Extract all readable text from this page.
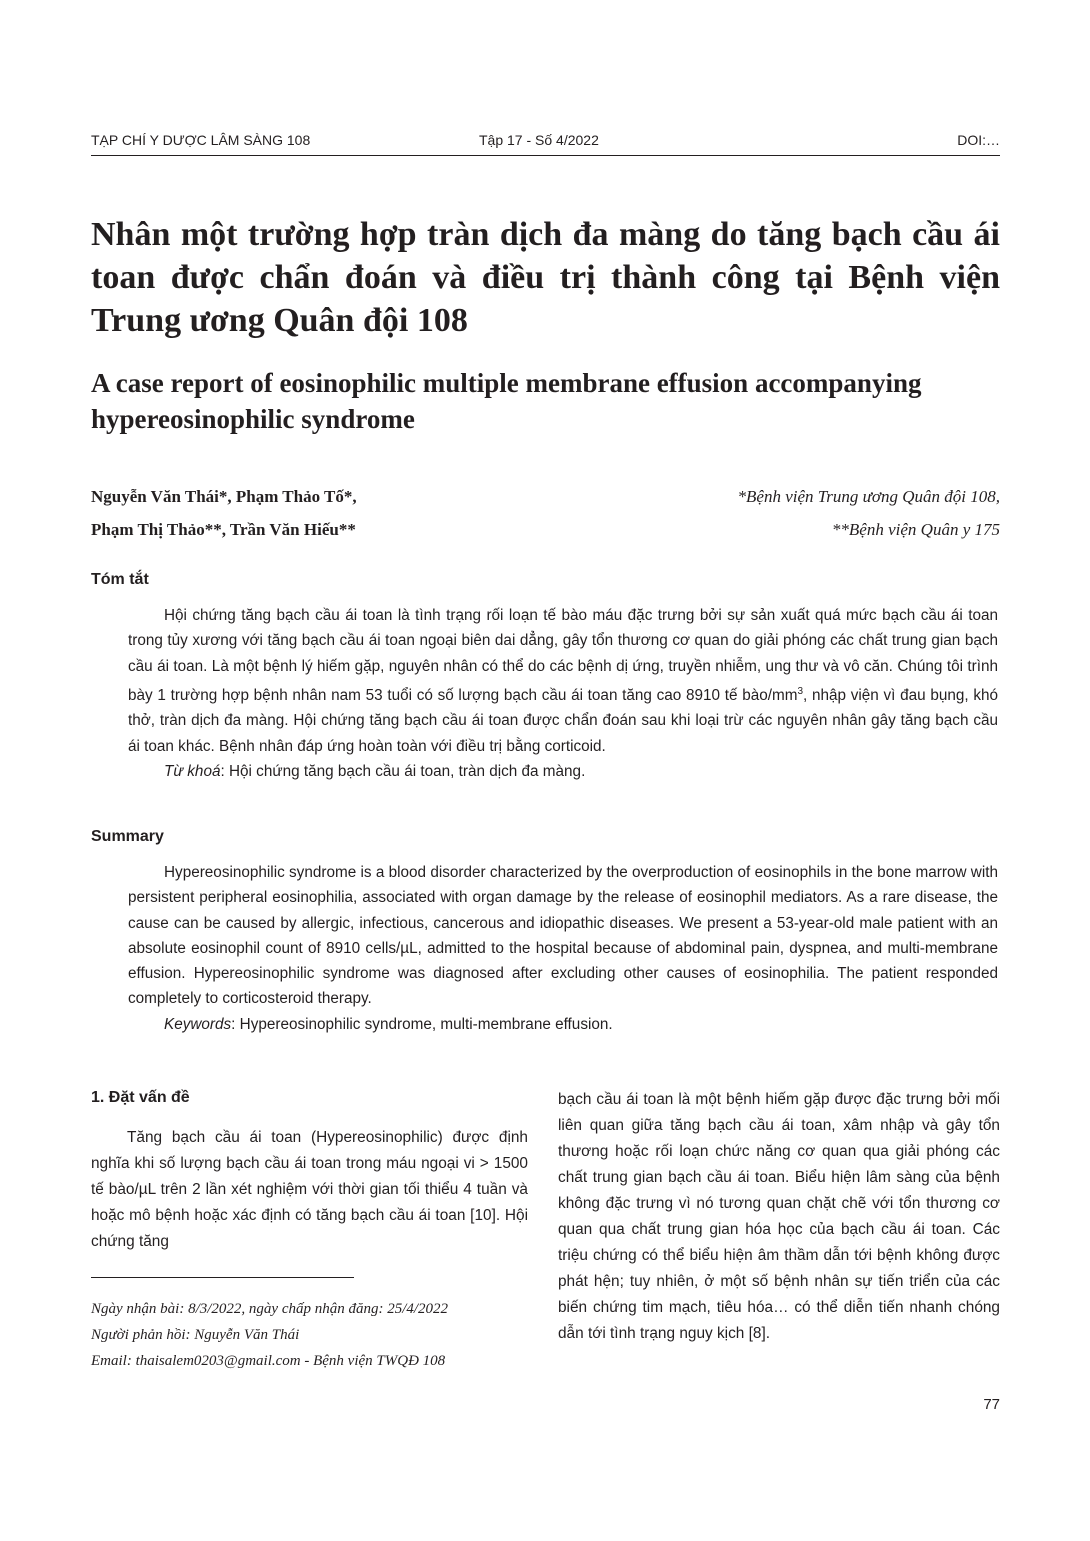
TẠP CHÍ Y DƯỢC LÂM SÀNG 108	Tập 17 - Số 4/2022	DOI:…
Nhân một trường hợp tràn dịch đa màng do tăng bạch cầu ái toan được chẩn đoán và điều trị thành công tại Bệnh viện Trung ương Quân đội 108
A case report of eosinophilic multiple membrane effusion accompanying hypereosinophilic syndrome
Nguyễn Văn Thái*, Phạm Thảo Tố*,
Phạm Thị Thảo**, Trần Văn Hiếu**
*Bệnh viện Trung ương Quân đội 108,
**Bệnh viện Quân y 175
Tóm tắt

Hội chứng tăng bạch cầu ái toan là tình trạng rối loạn tế bào máu đặc trưng bởi sự sản xuất quá mức bạch cầu ái toan trong tủy xương với tăng bạch cầu ái toan ngoại biên dai dẳng, gây tổn thương cơ quan do giải phóng các chất trung gian bạch cầu ái toan. Là một bệnh lý hiếm gặp, nguyên nhân có thể do các bệnh dị ứng, truyền nhiễm, ung thư và vô căn. Chúng tôi trình bày 1 trường hợp bệnh nhân nam 53 tuổi có số lượng bạch cầu ái toan tăng cao 8910 tế bào/$mm^3$, nhập viện vì đau bụng, khó thở, tràn dịch đa màng. Hội chứng tăng bạch cầu ái toan được chẩn đoán sau khi loại trừ các nguyên nhân gây tăng bạch cầu ái toan khác. Bệnh nhân đáp ứng hoàn toàn với điều trị bằng corticoid.

Từ khoá: Hội chứng tăng bạch cầu ái toan, tràn dịch đa màng.

Summary

Hypereosinophilic syndrome is a blood disorder characterized by the overproduction of eosinophils in the bone marrow with persistent peripheral eosinophilia, associated with organ damage by the release of eosinophil mediators. As a rare disease, the cause can be caused by allergic, infectious, cancerous and idiopathic diseases. We present a 53-year-old male patient with an absolute eosinophil count of 8910 cells/µL, admitted to the hospital because of abdominal pain, dyspnea, and multi-membrane effusion. Hypereosinophilic syndrome was diagnosed after excluding other causes of eosinophilia. The patient responded completely to corticosteroid therapy.

Keywords: Hypereosinophilic syndrome, multi-membrane effusion.

1. Đặt vấn đề

Tăng bạch cầu ái toan (Hypereosinophilic) được định nghĩa khi số lượng bạch cầu ái toan trong máu ngoại vi > 1500 tế bào/µL trên 2 lần xét nghiệm với thời gian tối thiểu 4 tuần và hoặc mô bệnh hoặc xác định có tăng bạch cầu ái toan [10]. Hội chứng tăng

Ngày nhận bài: 8/3/2022, ngày chấp nhận đăng: 25/4/2022
Người phản hồi: Nguyễn Văn Thái
Email: thaisalem0203@gmail.com - Bệnh viện TWQĐ 108

bạch cầu ái toan là một bệnh hiếm gặp được đặc trưng bởi mối liên quan giữa tăng bạch cầu ái toan, xâm nhập và gây tổn thương hoặc rối loạn chức năng cơ quan qua giải phóng các chất trung gian bạch cầu ái toan. Biểu hiện lâm sàng của bệnh không đặc trưng vì nó tương quan chặt chẽ với tổn thương cơ quan qua chất trung gian hóa học của bạch cầu ái toan. Các triệu chứng có thể biểu hiện âm thầm dẫn tới bệnh không được phát hện; tuy nhiên, ở một số bệnh nhân sự tiến triển của các biến chứng tim mạch, tiêu hóa… có thể diễn tiến nhanh chóng dẫn tới tình trạng nguy kịch [8].

77
